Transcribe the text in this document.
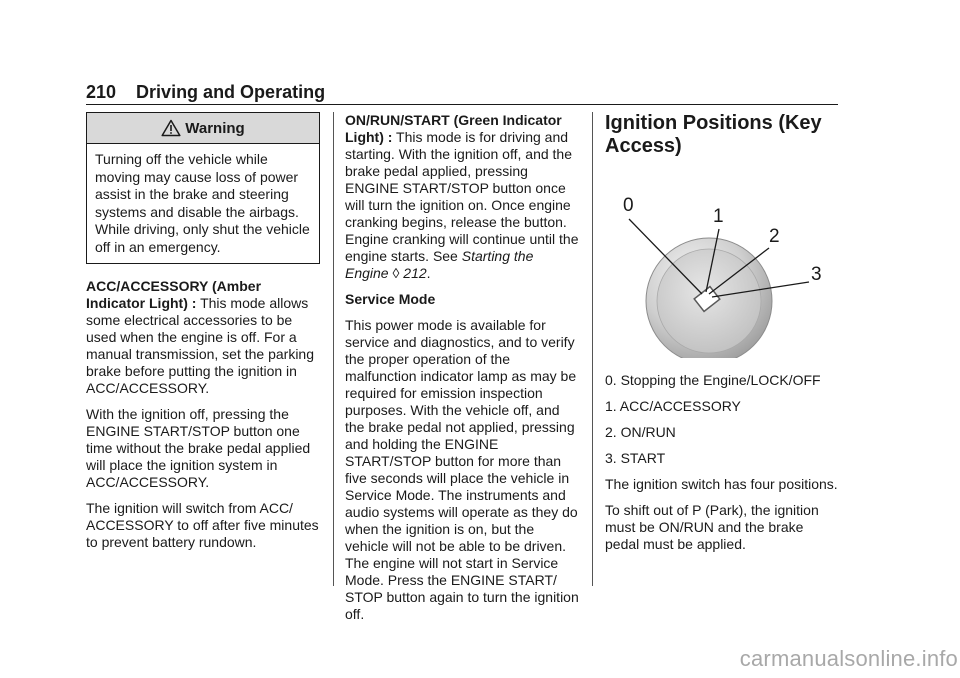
210 Driving and Operating
Warning
Turning off the vehicle while moving may cause loss of power assist in the brake and steering systems and disable the airbags. While driving, only shut the vehicle off in an emergency.

ACC/ACCESSORY (Amber Indicator Light) : This mode allows some electrical accessories to be used when the engine is off. For a manual transmission, set the parking brake before putting the ignition in ACC/ACCESSORY.

With the ignition off, pressing the ENGINE START/STOP button one time without the brake pedal applied will place the ignition system in ACC/ACCESSORY.

The ignition will switch from ACC/ ACCESSORY to off after five minutes to prevent battery rundown.

ON/RUN/START (Green Indicator Light) : This mode is for driving and starting. With the ignition off, and the brake pedal applied, pressing ENGINE START/STOP button once will turn the ignition on. Once engine cranking begins, release the button. Engine cranking will continue until the engine starts. See Starting the Engine ◊ 212.

Service Mode

This power mode is available for service and diagnostics, and to verify the proper operation of the malfunction indicator lamp as may be required for emission inspection purposes. With the vehicle off, and the brake pedal not applied, pressing and holding the ENGINE START/STOP button for more than five seconds will place the vehicle in Service Mode. The instruments and audio systems will operate as they do when the ignition is on, but the vehicle will not be able to be driven. The engine will not start in Service Mode. Press the ENGINE START/ STOP button again to turn the ignition off.

Ignition Positions (Key Access)
0
1
2
3
0. Stopping the Engine/LOCK/OFF
1. ACC/ACCESSORY
2. ON/RUN
3. START

The ignition switch has four positions.

To shift out of P (Park), the ignition must be ON/RUN and the brake pedal must be applied.

carmanualsonline.info
